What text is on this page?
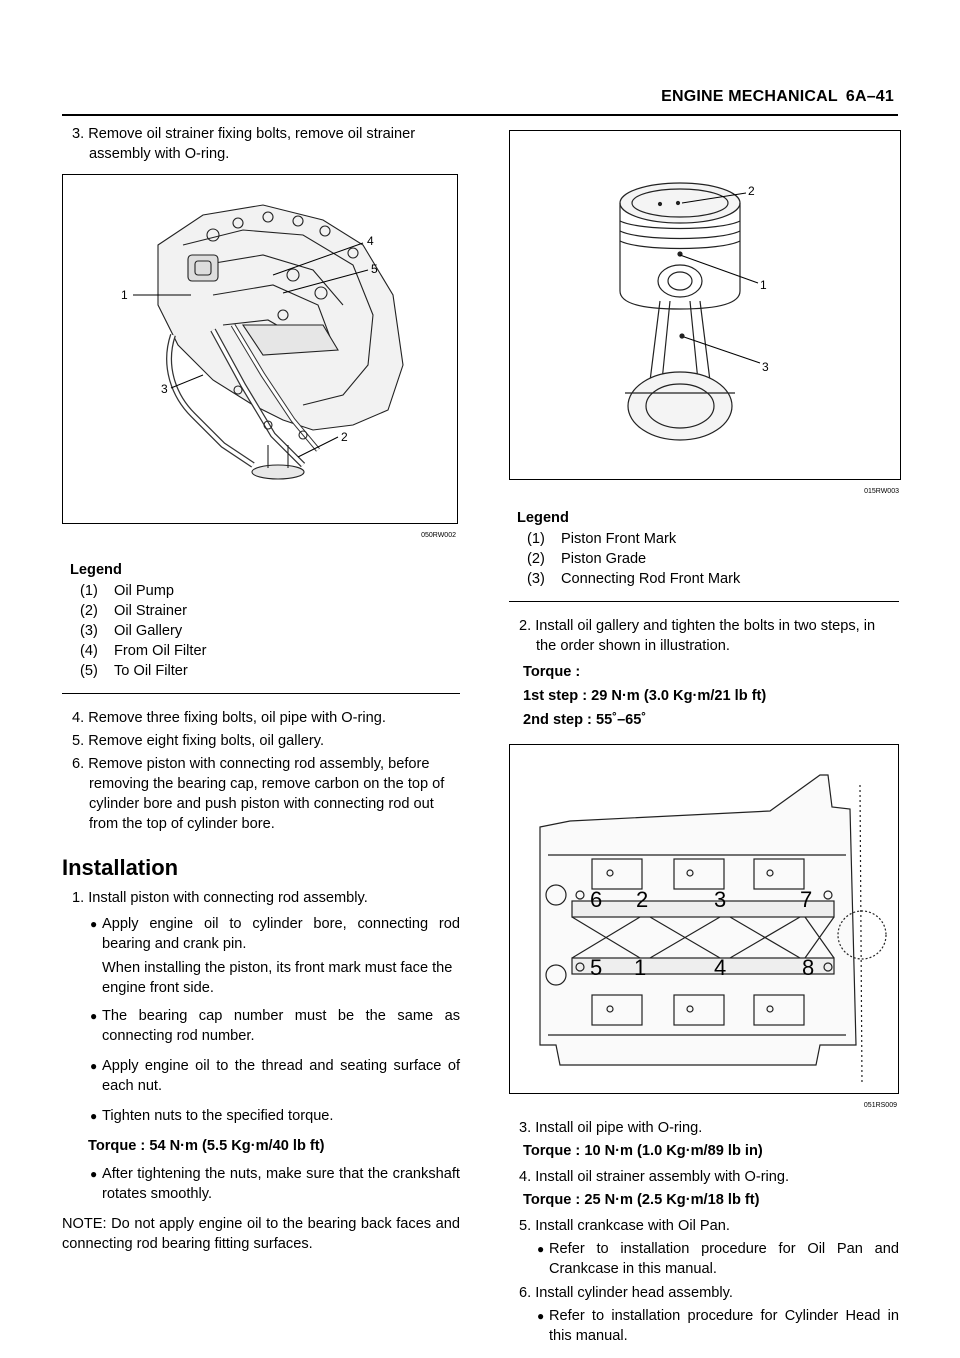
ENGINE MECHANICAL 6A–41

3. Remove oil strainer fixing bolts, remove oil strainer assembly with O-ring.

1
2
3
4
5
050RW002
Legend
(1)	Oil Pump
(2)	Oil Strainer
(3)	Oil Gallery
(4)	From Oil Filter
(5)	To Oil Filter

4. Remove three fixing bolts, oil pipe with O-ring.

5. Remove eight fixing bolts, oil gallery.

6. Remove piston with connecting rod assembly, before removing the bearing cap, remove carbon on the top of cylinder bore and push piston with connecting rod out from the top of cylinder bore.

Installation

1. Install piston with connecting rod assembly.

● Apply engine oil to cylinder bore, connecting rod bearing and crank pin.

When installing the piston, its front mark must face the engine front side.

● The bearing cap number must be the same as connecting rod number.
● Apply engine oil to the thread and seating surface of each nut.
● Tighten nuts to the specified torque.

Torque : 54 N·m (5.5 Kg·m/40 lb ft)

● After tightening the nuts, make sure that the crankshaft rotates smoothly.

NOTE: Do not apply engine oil to the bearing back faces and connecting rod bearing fitting surfaces.

2
1
3
015RW003
Legend
(1)	Piston Front Mark
(2)	Piston Grade
(3)	Connecting Rod Front Mark

2. Install oil gallery and tighten the bolts in two steps, in the order shown in illustration.

Torque :

1st step : 29 N·m (3.0 Kg·m/21 lb ft)

2nd step : 55˚–65˚

6 2	3	7
5 1	4	8
051RS009

3. Install oil pipe with O-ring.

Torque : 10 N·m (1.0 Kg·m/89 lb in)

4. Install oil strainer assembly with O-ring.

Torque : 25 N·m (2.5 Kg·m/18 lb ft)

5. Install crankcase with Oil Pan.

● Refer to installation procedure for Oil Pan and Crankcase in this manual.

6. Install cylinder head assembly.

● Refer to installation procedure for Cylinder Head in this manual.
